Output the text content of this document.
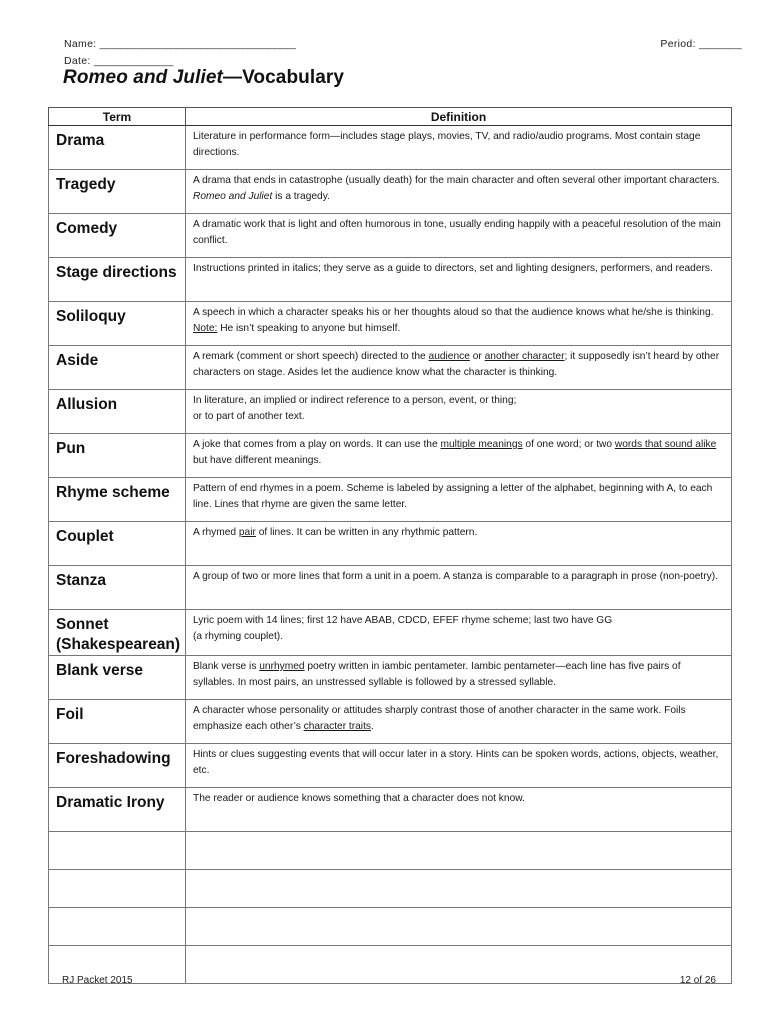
Name: ________________________________
Date: _____________
Period: _______
Romeo and Juliet—Vocabulary
Term	Definition
Drama	Literature in performance form—includes stage plays, movies, TV, and radio/audio programs. Most contain stage directions.
Tragedy	A drama that ends in catastrophe (usually death) for the main character and often several other important characters. Romeo and Juliet is a tragedy.
Comedy	A dramatic work that is light and often humorous in tone, usually ending happily with a peaceful resolution of the main conflict.
Stage directions	Instructions printed in italics; they serve as a guide to directors, set and lighting designers, performers, and readers.
Soliloquy	A speech in which a character speaks his or her thoughts aloud so that the audience knows what he/she is thinking. Note: He isn’t speaking to anyone but himself.
Aside	A remark (comment or short speech) directed to the audience or another character; it supposedly isn’t heard by other characters on stage. Asides let the audience know what the character is thinking.
Allusion	In literature, an implied or indirect reference to a person, event, or thing;
or to part of another text.
Pun	A joke that comes from a play on words. It can use the multiple meanings of one word; or two words that sound alike but have different meanings.
Rhyme scheme	Pattern of end rhymes in a poem. Scheme is labeled by assigning a letter of the alphabet, beginning with A, to each line. Lines that rhyme are given the same letter.
Couplet	A rhymed pair of lines. It can be written in any rhythmic pattern.
Stanza	A group of two or more lines that form a unit in a poem. A stanza is comparable to a paragraph in prose (non-poetry).
Sonnet (Shakespearean)	Lyric poem with 14 lines; first 12 have ABAB, CDCD, EFEF rhyme scheme; last two have GG
(a rhyming couplet).
Blank verse	Blank verse is unrhymed poetry written in iambic pentameter. Iambic pentameter—each line has five pairs of syllables. In most pairs, an unstressed syllable is followed by a stressed syllable.
Foil	A character whose personality or attitudes sharply contrast those of another character in the same work. Foils emphasize each other’s character traits.
Foreshadowing	Hints or clues suggesting events that will occur later in a story. Hints can be spoken words, actions, objects, weather, etc.
Dramatic Irony	The reader or audience knows something that a character does not know.

RJ Packet 2015	12 of 26
